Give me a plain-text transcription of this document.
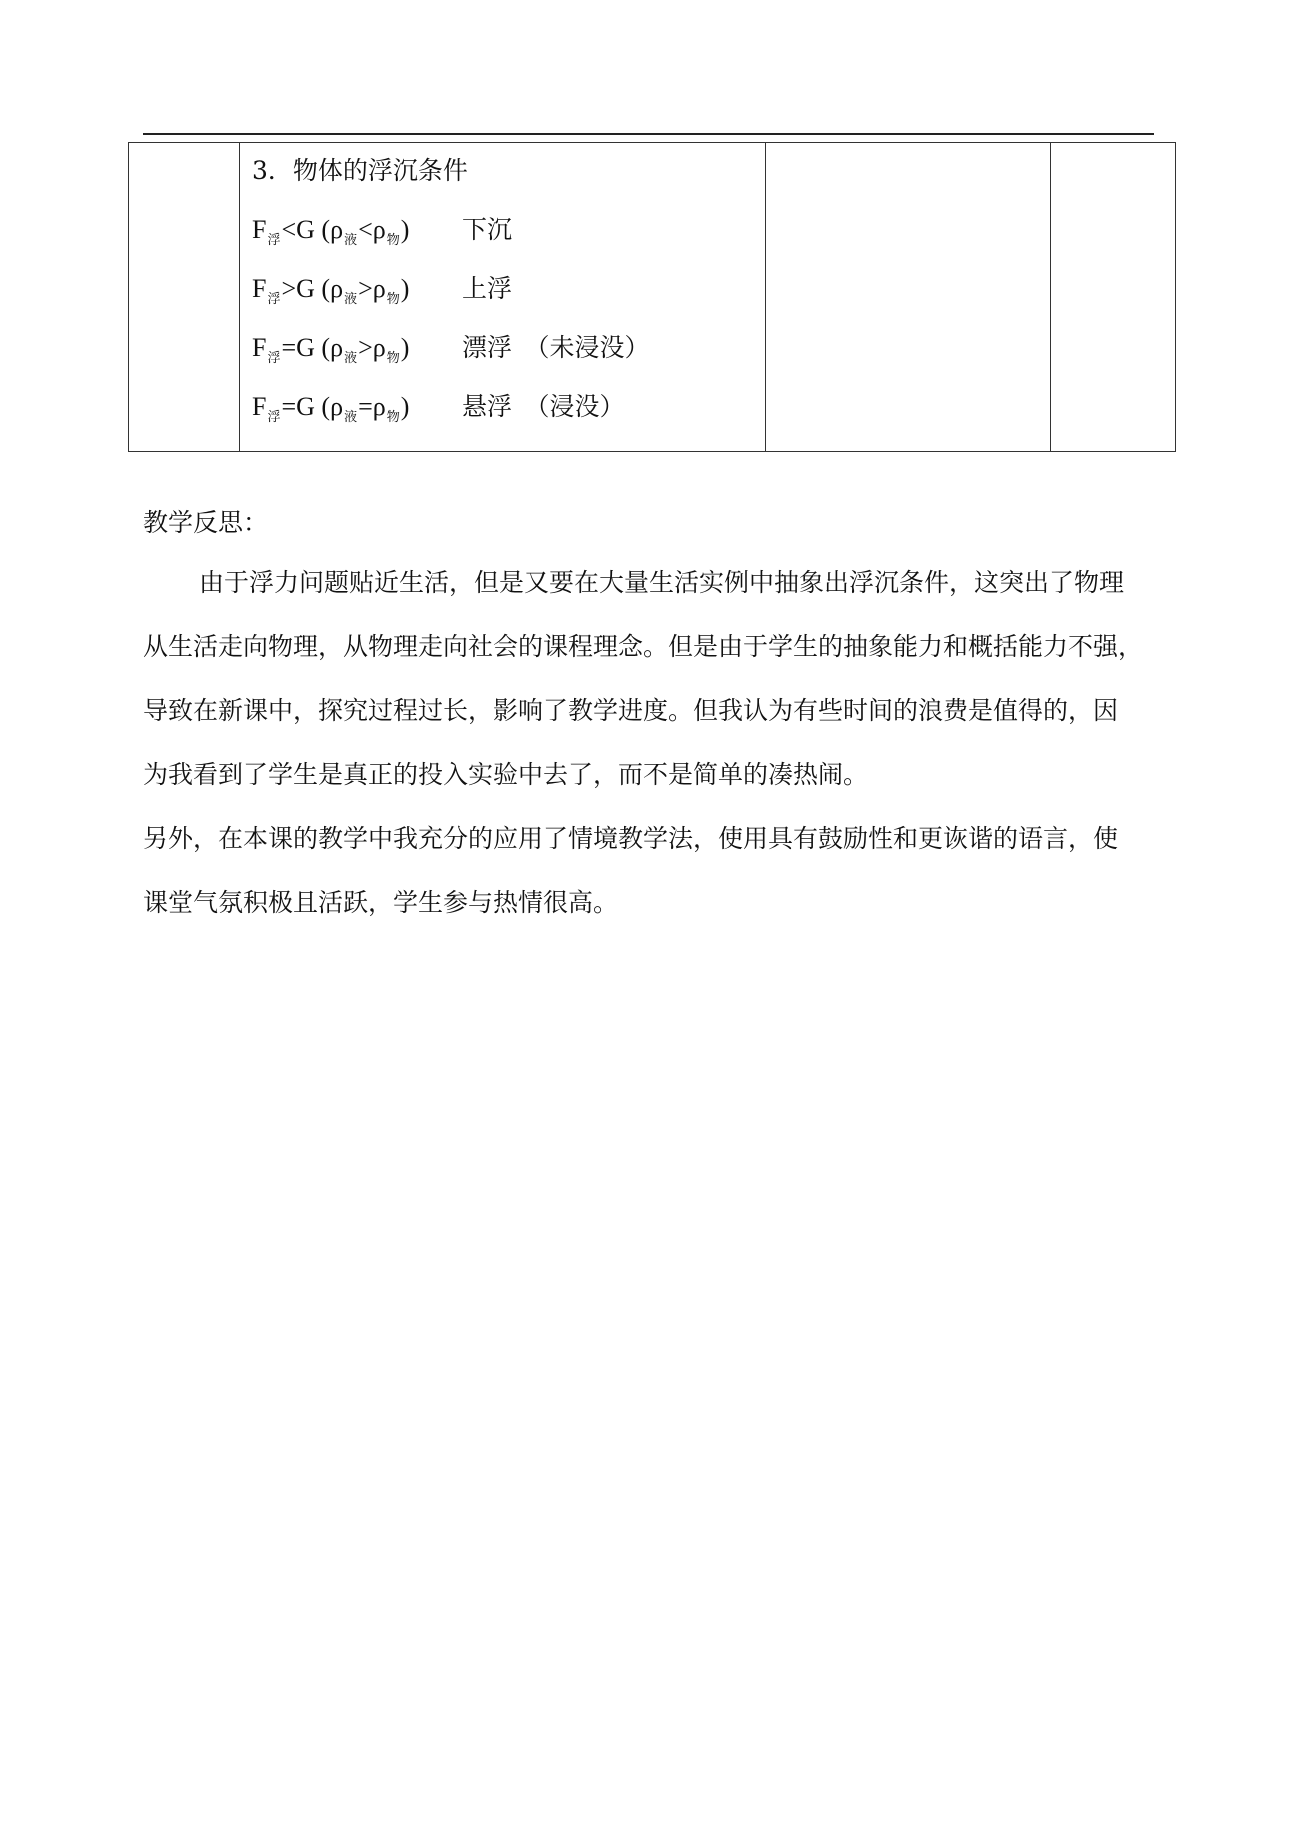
3．物体的浮沉条件
$F_浮<G$ $(\rho_液<\rho_物)$ 下沉
$F_浮>G$ $(\rho_液>\rho_物)$ 上浮
$F_浮=G$ $(\rho_液>\rho_物)$ 漂浮　（未浸没）
$F_浮=G$ $(\rho_液=\rho_物)$ 悬浮　（浸没）

教学反思：
由于浮力问题贴近生活，但是又要在大量生活实例中抽象出浮沉条件，这突出了物理
从生活走向物理，从物理走向社会的课程理念。但是由于学生的抽象能力和概括能力不强，
导致在新课中，探究过程过长，影响了教学进度。但我认为有些时间的浪费是值得的，因
为我看到了学生是真正的投入实验中去了，而不是简单的凑热闹。
另外，在本课的教学中我充分的应用了情境教学法，使用具有鼓励性和更诙谐的语言，使
课堂气氛积极且活跃，学生参与热情很高。
